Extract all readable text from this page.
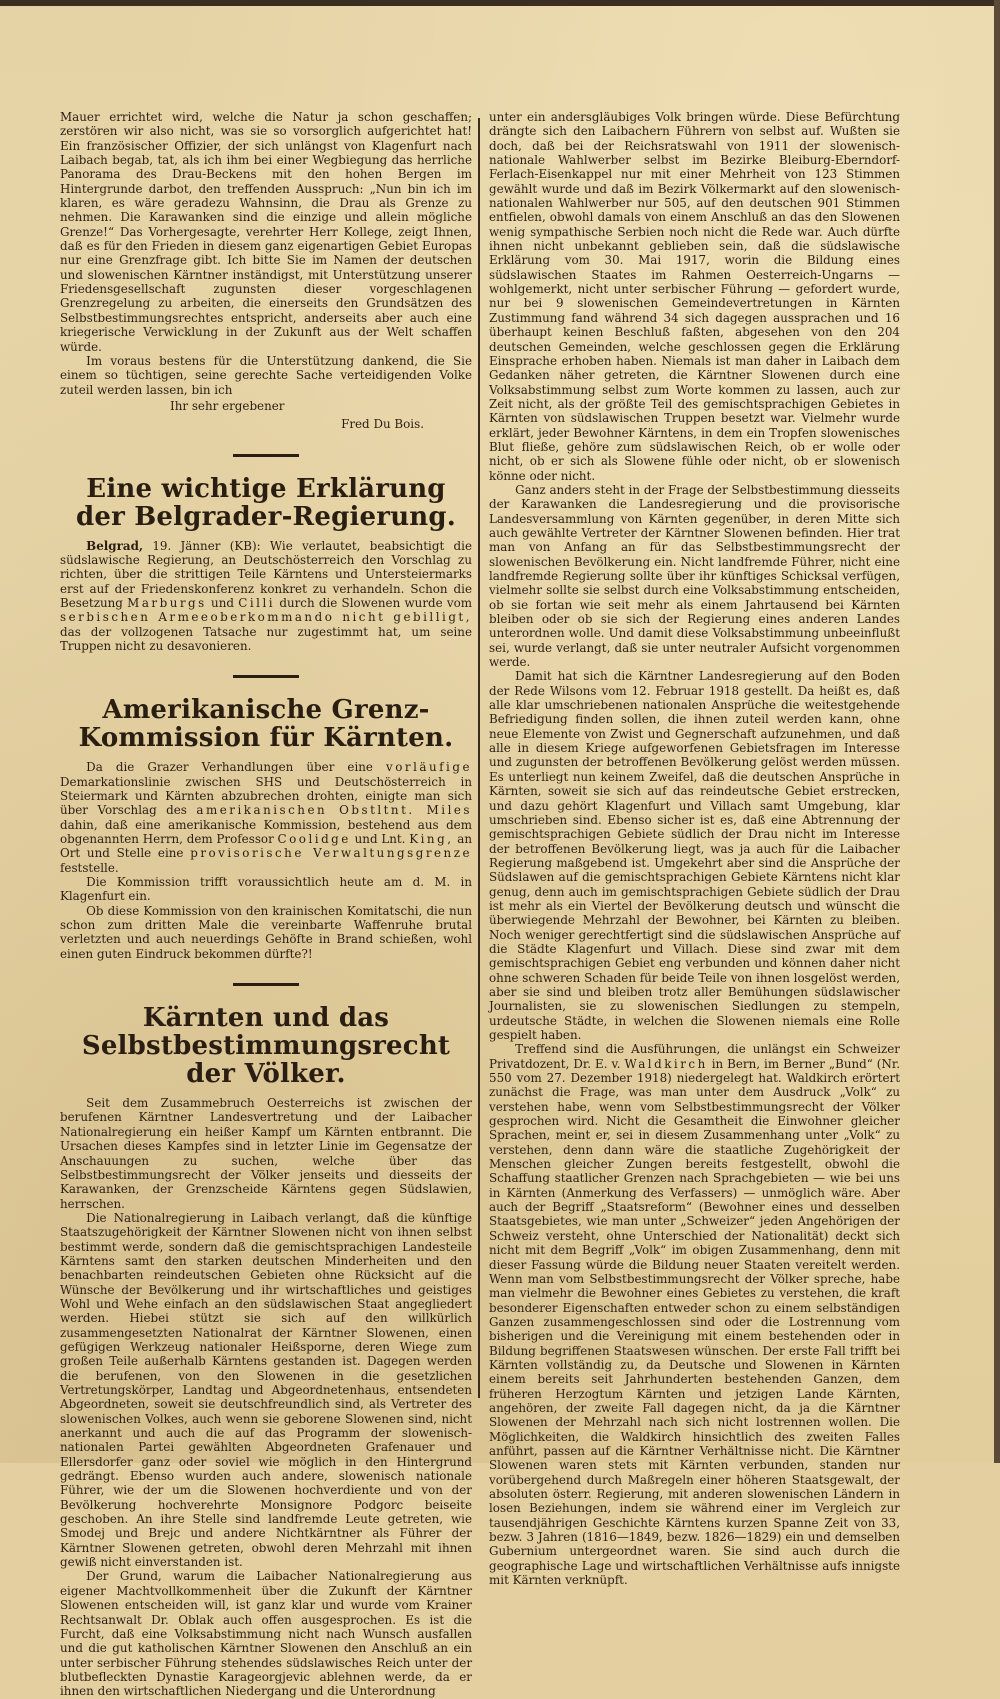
Mauer errichtet wird, welche die Natur ja schon geschaffen; zerstören wir also nicht, was sie so vorsorglich aufgerichtet hat! Ein französischer Offizier, der sich unlängst von Klagenfurt nach Laibach begab, tat, als ich ihm bei einer Wegbiegung das herrliche Panorama des Drau-Beckens mit den hohen Bergen im Hintergrunde darbot, den treffenden Ausspruch: „Nun bin ich im klaren, es wäre geradezu Wahnsinn, die Drau als Grenze zu nehmen. Die Karawanken sind die einzige und allein mögliche Grenze!“ Das Vorhergesagte, verehrter Herr Kollege, zeigt Ihnen, daß es für den Frieden in diesem ganz eigenartigen Gebiet Europas nur eine Grenzfrage gibt. Ich bitte Sie im Namen der deutschen und slowenischen Kärntner inständigst, mit Unterstützung unserer Friedensgesellschaft zugunsten dieser vorgeschlagenen Grenzregelung zu arbeiten, die einerseits den Grundsätzen des Selbstbestimmungsrechtes entspricht, anderseits aber auch eine kriegerische Verwicklung in der Zukunft aus der Welt schaffen würde.

Im voraus bestens für die Unterstützung dankend, die Sie einem so tüchtigen, seine gerechte Sache verteidigenden Volke zuteil werden lassen, bin ich

Ihr sehr ergebener

Fred Du Bois.

Eine wichtige Erklärung der Belgrader-Regierung.

Belgrad, 19. Jänner (KB): Wie verlautet, beabsichtigt die südslawische Regierung, an Deutschösterreich den Vorschlag zu richten, über die strittigen Teile Kärntens und Untersteiermarks erst auf der Friedenskonferenz konkret zu verhandeln. Schon die Besetzung Marburgs und Cilli durch die Slowenen wurde vom serbischen Armeeoberkommando nicht gebilligt, das der vollzogenen Tatsache nur zugestimmt hat, um seine Truppen nicht zu desavonieren.

Amerikanische Grenz-Kommission für Kärnten.

Da die Grazer Verhandlungen über eine vorläufige Demarkationslinie zwischen SHS und Deutschösterreich in Steiermark und Kärnten abzubrechen drohten, einigte man sich über Vorschlag des amerikanischen Obstltnt. Miles dahin, daß eine amerikanische Kommission, bestehend aus dem obgenannten Herrn, dem Professor Coolidge und Lnt. King, an Ort und Stelle eine provisorische Verwaltungsgrenze feststelle.

Die Kommission trifft voraussichtlich heute am d. M. in Klagenfurt ein.

Ob diese Kommission von den krainischen Komitatschi, die nun schon zum dritten Male die vereinbarte Waffenruhe brutal verletzten und auch neuerdings Gehöfte in Brand schießen, wohl einen guten Eindruck bekommen dürfte?!

Kärnten und das Selbstbestimmungsrecht der Völker.

Seit dem Zusammebruch Oesterreichs ist zwischen der berufenen Kärntner Landesvertretung und der Laibacher Nationalregierung ein heißer Kampf um Kärnten entbrannt. Die Ursachen dieses Kampfes sind in letzter Linie im Gegensatze der Anschauungen zu suchen, welche über das Selbstbestimmungsrecht der Völker jenseits und diesseits der Karawanken, der Grenzscheide Kärntens gegen Südslawien, herrschen.

Die Nationalregierung in Laibach verlangt, daß die künftige Staatszugehörigkeit der Kärntner Slowenen nicht von ihnen selbst bestimmt werde, sondern daß die gemischtsprachigen Landesteile Kärntens samt den starken deutschen Minderheiten und den benachbarten reindeutschen Gebieten ohne Rücksicht auf die Wünsche der Bevölkerung und ihr wirtschaftliches und geistiges Wohl und Wehe einfach an den südslawischen Staat angegliedert werden. Hiebei stützt sie sich auf den willkürlich zusammengesetzten Nationalrat der Kärntner Slowenen, einen gefügigen Werkzeug nationaler Heißsporne, deren Wiege zum großen Teile außerhalb Kärntens gestanden ist. Dagegen werden die berufenen, von den Slowenen in die gesetzlichen Vertretungskörper, Landtag und Abgeordnetenhaus, entsendeten Abgeordneten, soweit sie deutschfreundlich sind, als Vertreter des slowenischen Volkes, auch wenn sie geborene Slowenen sind, nicht anerkannt und auch die auf das Programm der slowenisch-nationalen Partei gewählten Abgeordneten Grafenauer und Ellersdorfer ganz oder soviel wie möglich in den Hintergrund gedrängt. Ebenso wurden auch andere, slowenisch nationale Führer, wie der um die Slowenen hochverdiente und von der Bevölkerung hochverehrte Monsignore Podgorc beiseite geschoben. An ihre Stelle sind landfremde Leute getreten, wie Smodej und Brejc und andere Nichtkärntner als Führer der Kärntner Slowenen getreten, obwohl deren Mehrzahl mit ihnen gewiß nicht einverstanden ist.

Der Grund, warum die Laibacher Nationalregierung aus eigener Machtvollkommenheit über die Zukunft der Kärntner Slowenen entscheiden will, ist ganz klar und wurde vom Krainer Rechtsanwalt Dr. Oblak auch offen ausgesprochen. Es ist die Furcht, daß eine Volksabstimmung nicht nach Wunsch ausfallen und die gut katholischen Kärntner Slowenen den Anschluß an ein unter serbischer Führung stehendes südslawisches Reich unter der blutbefleckten Dynastie Karageorgjevic ablehnen werde, da er ihnen den wirtschaftlichen Niedergang und die Unterordnung

unter ein andersgläubiges Volk bringen würde. Diese Befürchtung drängte sich den Laibachern Führern von selbst auf. Wußten sie doch, daß bei der Reichsratswahl von 1911 der slowenisch-nationale Wahlwerber selbst im Bezirke Bleiburg-Eberndorf-Ferlach-Eisenkappel nur mit einer Mehrheit von 123 Stimmen gewählt wurde und daß im Bezirk Völkermarkt auf den slowenisch-nationalen Wahlwerber nur 505, auf den deutschen 901 Stimmen entfielen, obwohl damals von einem Anschluß an das den Slowenen wenig sympathische Serbien noch nicht die Rede war. Auch dürfte ihnen nicht unbekannt geblieben sein, daß die südslawische Erklärung vom 30. Mai 1917, worin die Bildung eines südslawischen Staates im Rahmen Oesterreich-Ungarns — wohlgemerkt, nicht unter serbischer Führung — gefordert wurde, nur bei 9 slowenischen Gemeindevertretungen in Kärnten Zustimmung fand während 34 sich dagegen aussprachen und 16 überhaupt keinen Beschluß faßten, abgesehen von den 204 deutschen Gemeinden, welche geschlossen gegen die Erklärung Einsprache erhoben haben. Niemals ist man daher in Laibach dem Gedanken näher getreten, die Kärntner Slowenen durch eine Volksabstimmung selbst zum Worte kommen zu lassen, auch zur Zeit nicht, als der größte Teil des gemischtsprachigen Gebietes in Kärnten von südslawischen Truppen besetzt war. Vielmehr wurde erklärt, jeder Bewohner Kärntens, in dem ein Tropfen slowenisches Blut fließe, gehöre zum südslawischen Reich, ob er wolle oder nicht, ob er sich als Slowene fühle oder nicht, ob er slowenisch könne oder nicht.

Ganz anders steht in der Frage der Selbstbestimmung diesseits der Karawanken die Landesregierung und die provisorische Landesversammlung von Kärnten gegenüber, in deren Mitte sich auch gewählte Vertreter der Kärntner Slowenen befinden. Hier trat man von Anfang an für das Selbstbestimmungsrecht der slowenischen Bevölkerung ein. Nicht landfremde Führer, nicht eine landfremde Regierung sollte über ihr künftiges Schicksal verfügen, vielmehr sollte sie selbst durch eine Volksabstimmung entscheiden, ob sie fortan wie seit mehr als einem Jahrtausend bei Kärnten bleiben oder ob sie sich der Regierung eines anderen Landes unterordnen wolle. Und damit diese Volksabstimmung unbeeinflußt sei, wurde verlangt, daß sie unter neutraler Aufsicht vorgenommen werde.

Damit hat sich die Kärntner Landesregierung auf den Boden der Rede Wilsons vom 12. Februar 1918 gestellt. Da heißt es, daß alle klar umschriebenen nationalen Ansprüche die weitestgehende Befriedigung finden sollen, die ihnen zuteil werden kann, ohne neue Elemente von Zwist und Gegnerschaft aufzunehmen, und daß alle in diesem Kriege aufgeworfenen Gebietsfragen im Interesse und zugunsten der betroffenen Bevölkerung gelöst werden müssen. Es unterliegt nun keinem Zweifel, daß die deutschen Ansprüche in Kärnten, soweit sie sich auf das reindeutsche Gebiet erstrecken, und dazu gehört Klagenfurt und Villach samt Umgebung, klar umschrieben sind. Ebenso sicher ist es, daß eine Abtrennung der gemischtsprachigen Gebiete südlich der Drau nicht im Interesse der betroffenen Bevölkerung liegt, was ja auch für die Laibacher Regierung maßgebend ist. Umgekehrt aber sind die Ansprüche der Südslawen auf die gemischtsprachigen Gebiete Kärntens nicht klar genug, denn auch im gemischtsprachigen Gebiete südlich der Drau ist mehr als ein Viertel der Bevölkerung deutsch und wünscht die überwiegende Mehrzahl der Bewohner, bei Kärnten zu bleiben. Noch weniger gerechtfertigt sind die südslawischen Ansprüche auf die Städte Klagenfurt und Villach. Diese sind zwar mit dem gemischtsprachigen Gebiet eng verbunden und können daher nicht ohne schweren Schaden für beide Teile von ihnen losgelöst werden, aber sie sind und bleiben trotz aller Bemühungen südslawischer Journalisten, sie zu slowenischen Siedlungen zu stempeln, urdeutsche Städte, in welchen die Slowenen niemals eine Rolle gespielt haben.

Treffend sind die Ausführungen, die unlängst ein Schweizer Privatdozent, Dr. E. v. Waldkirch in Bern, im Berner „Bund“ (Nr. 550 vom 27. Dezember 1918) niedergelegt hat. Waldkirch erörtert zunächst die Frage, was man unter dem Ausdruck „Volk“ zu verstehen habe, wenn vom Selbstbestimmungsrecht der Völker gesprochen wird. Nicht die Gesamtheit die Einwohner gleicher Sprachen, meint er, sei in diesem Zusammenhang unter „Volk“ zu verstehen, denn dann wäre die staatliche Zugehörigkeit der Menschen gleicher Zungen bereits festgestellt, obwohl die Schaffung staatlicher Grenzen nach Sprachgebieten — wie bei uns in Kärnten (Anmerkung des Verfassers) — unmöglich wäre. Aber auch der Begriff „Staatsreform“ (Bewohner eines und desselben Staatsgebietes, wie man unter „Schweizer“ jeden Angehörigen der Schweiz versteht, ohne Unterschied der Nationalität) deckt sich nicht mit dem Begriff „Volk“ im obigen Zusammenhang, denn mit dieser Fassung würde die Bildung neuer Staaten vereitelt werden. Wenn man vom Selbstbestimmungsrecht der Völker spreche, habe man vielmehr die Bewohner eines Gebietes zu verstehen, die kraft besonderer Eigenschaften entweder schon zu einem selbständigen Ganzen zusammengeschlossen sind oder die Lostrennung vom bisherigen und die Vereinigung mit einem bestehenden oder in Bildung begriffenen Staatswesen wünschen. Der erste Fall trifft bei Kärnten vollständig zu, da Deutsche und Slowenen in Kärnten einem bereits seit Jahrhunderten bestehenden Ganzen, dem früheren Herzogtum Kärnten und jetzigen Lande Kärnten, angehören, der zweite Fall dagegen nicht, da ja die Kärntner Slowenen der Mehrzahl nach sich nicht lostrennen wollen. Die Möglichkeiten, die Waldkirch hinsichtlich des zweiten Falles anführt, passen auf die Kärntner Verhältnisse nicht. Die Kärntner Slowenen waren stets mit Kärnten verbunden, standen nur vorübergehend durch Maßregeln einer höheren Staatsgewalt, der absoluten österr. Regierung, mit anderen slowenischen Ländern in losen Beziehungen, indem sie während einer im Vergleich zur tausendjährigen Geschichte Kärntens kurzen Spanne Zeit von 33, bezw. 3 Jahren (1816—1849, bezw. 1826—1829) ein und demselben Gubernium untergeordnet waren. Sie sind auch durch die geographische Lage und wirtschaftlichen Verhältnisse aufs innigste mit Kärnten verknüpft.
